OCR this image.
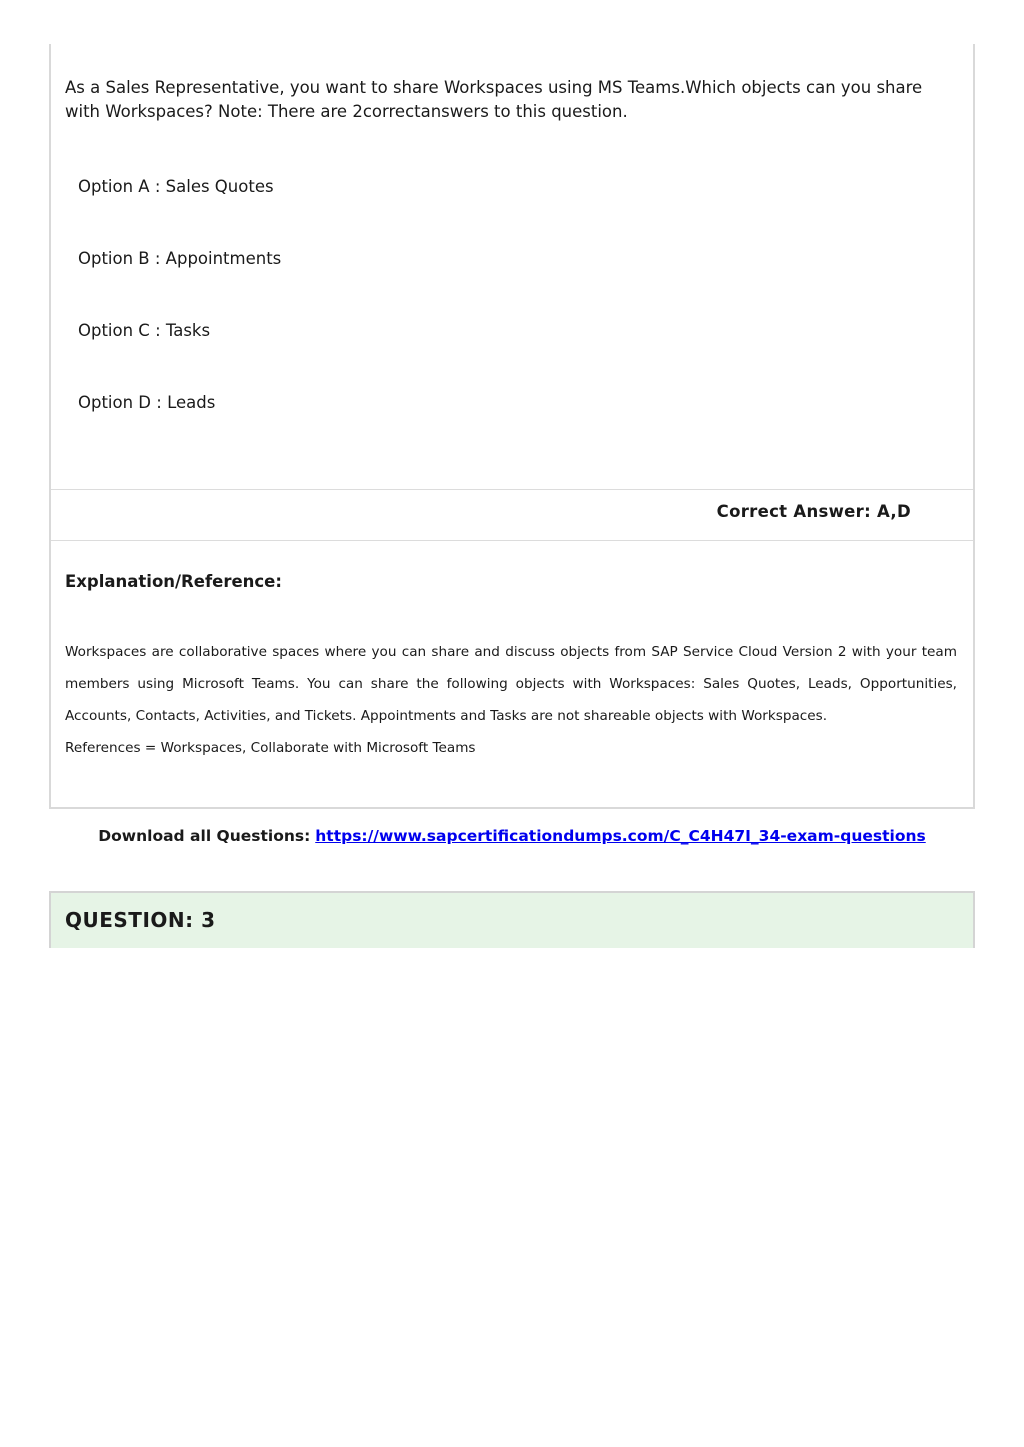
As a Sales Representative, you want to share Workspaces using MS Teams.Which objects can you share with Workspaces? Note: There are 2correctanswers to this question.

Option A : Sales Quotes

Option B : Appointments

Option C : Tasks

Option D : Leads

Correct Answer: A,D

Explanation/Reference:

Workspaces are collaborative spaces where you can share and discuss objects from SAP Service Cloud Version 2 with your team members using Microsoft Teams. You can share the following objects with Workspaces: Sales Quotes, Leads, Opportunities, Accounts, Contacts, Activities, and Tickets. Appointments and Tasks are not shareable objects with Workspaces.

References = Workspaces, Collaborate with Microsoft Teams

Download all Questions: https://www.sapcertificationdumps.com/C_C4H47I_34-exam-questions

QUESTION: 3
